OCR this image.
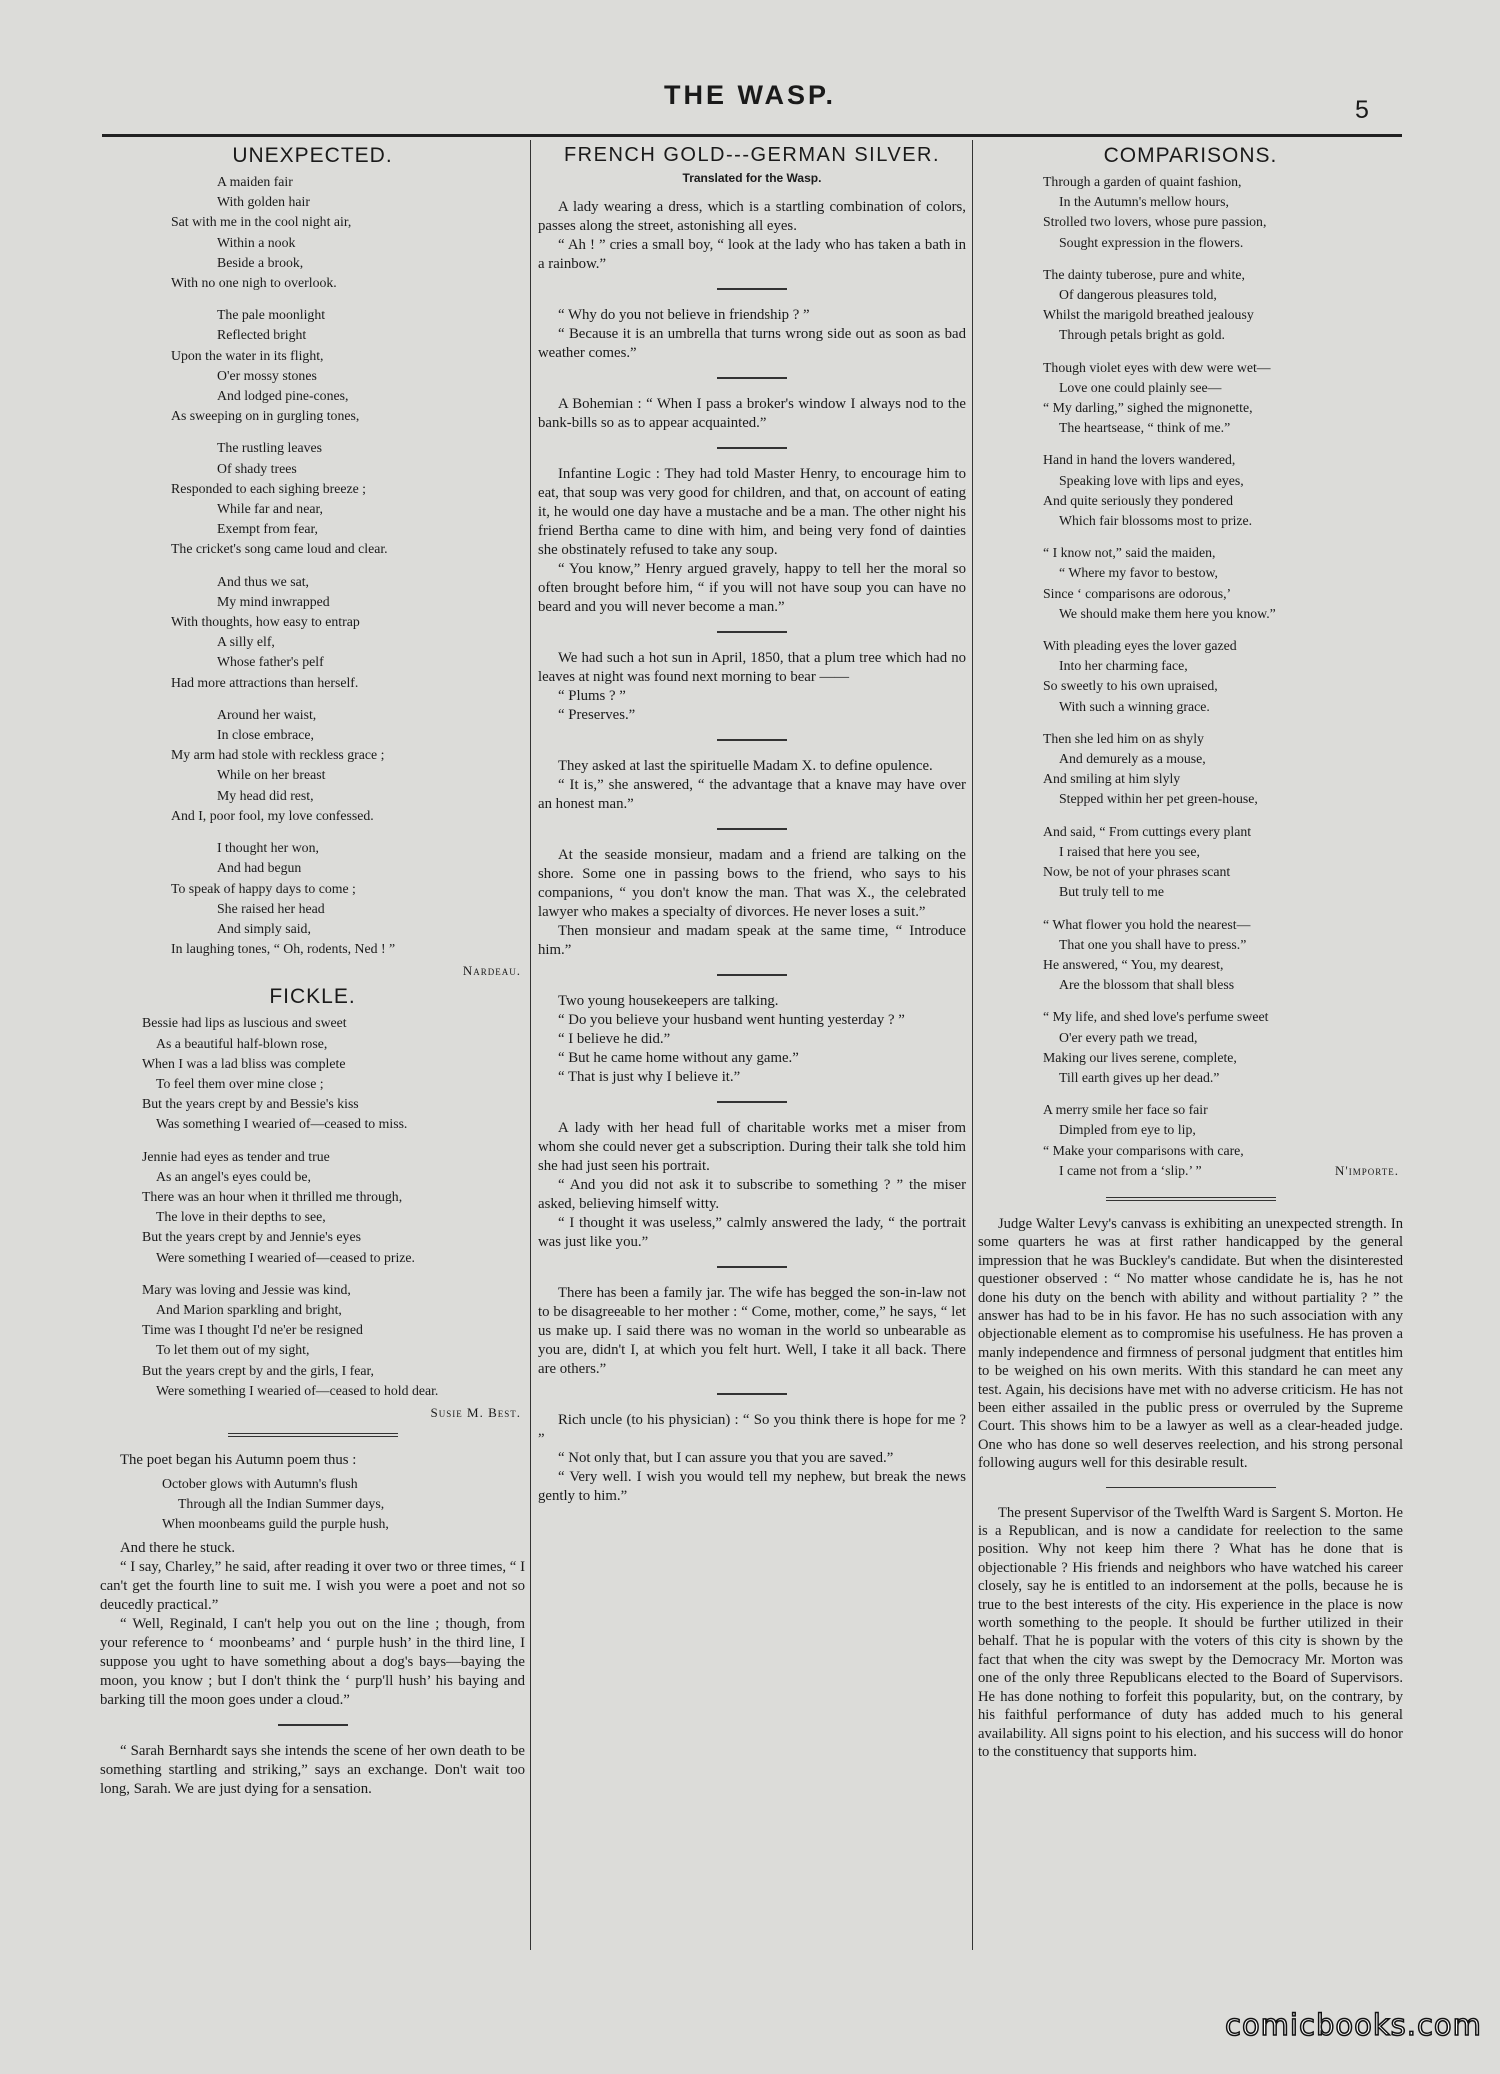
THE WASP.	5
UNEXPECTED.
A maiden fair
With golden hair
Sat with me in the cool night air,
Within a nook
Beside a brook,
With no one nigh to overlook.
The pale moonlight
Reflected bright
Upon the water in its flight,
O'er mossy stones
And lodged pine-cones,
As sweeping on in gurgling tones,
The rustling leaves
Of shady trees
Responded to each sighing breeze ;
While far and near,
Exempt from fear,
The cricket's song came loud and clear.
And thus we sat,
My mind inwrapped
With thoughts, how easy to entrap
A silly elf,
Whose father's pelf
Had more attractions than herself.
Around her waist,
In close embrace,
My arm had stole with reckless grace ;
While on her breast
My head did rest,
And I, poor fool, my love confessed.
I thought her won,
And had begun
To speak of happy days to come ;
She raised her head
And simply said,
In laughing tones, “ Oh, rodents, Ned ! ”
Nardeau.
FICKLE.
Bessie had lips as luscious and sweet
As a beautiful half-blown rose,
When I was a lad bliss was complete
To feel them over mine close ;
But the years crept by and Bessie's kiss
Was something I wearied of—ceased to miss.
Jennie had eyes as tender and true
As an angel's eyes could be,
There was an hour when it thrilled me through,
The love in their depths to see,
But the years crept by and Jennie's eyes
Were something I wearied of—ceased to prize.
Mary was loving and Jessie was kind,
And Marion sparkling and bright,
Time was I thought I'd ne'er be resigned
To let them out of my sight,
But the years crept by and the girls, I fear,
Were something I wearied of—ceased to hold dear.
Susie M. Best.

The poet began his Autumn poem thus :

October glows with Autumn's flush
Through all the Indian Summer days,
When moonbeams guild the purple hush,

And there he stuck.

“ I say, Charley,” he said, after reading it over two or three times, “ I can't get the fourth line to suit me. I wish you were a poet and not so deucedly practical.”

“ Well, Reginald, I can't help you out on the line ; though, from your reference to ‘ moonbeams’ and ‘ purple hush’ in the third line, I suppose you ught to have something about a dog's bays—baying the moon, you know ; but I don't think the ‘ purp'll hush’ his baying and barking till the moon goes under a cloud.”

“ Sarah Bernhardt says she intends the scene of her own death to be something startling and striking,” says an exchange. Don't wait too long, Sarah. We are just dying for a sensation.

FRENCH GOLD---GERMAN SILVER.
Translated for the Wasp.

A lady wearing a dress, which is a startling combination of colors, passes along the street, astonishing all eyes.

“ Ah ! ” cries a small boy, “ look at the lady who has taken a bath in a rainbow.”

“ Why do you not believe in friendship ? ”

“ Because it is an umbrella that turns wrong side out as soon as bad weather comes.”

A Bohemian : “ When I pass a broker's window I always nod to the bank-bills so as to appear acquainted.”

Infantine Logic : They had told Master Henry, to encourage him to eat, that soup was very good for children, and that, on account of eating it, he would one day have a mustache and be a man. The other night his friend Bertha came to dine with him, and being very fond of dainties she obstinately refused to take any soup.

“ You know,” Henry argued gravely, happy to tell her the moral so often brought before him, “ if you will not have soup you can have no beard and you will never become a man.”

We had such a hot sun in April, 1850, that a plum tree which had no leaves at night was found next morning to bear ——

“ Plums ? ”

“ Preserves.”

They asked at last the spirituelle Madam X. to define opulence.

“ It is,” she answered, “ the advantage that a knave may have over an honest man.”

At the seaside monsieur, madam and a friend are talking on the shore. Some one in passing bows to the friend, who says to his companions, “ you don't know the man. That was X., the celebrated lawyer who makes a specialty of divorces. He never loses a suit.”

Then monsieur and madam speak at the same time, “ Introduce him.”

Two young housekeepers are talking.

“ Do you believe your husband went hunting yesterday ? ”

“ I believe he did.”

“ But he came home without any game.”

“ That is just why I believe it.”

A lady with her head full of charitable works met a miser from whom she could never get a subscription. During their talk she told him she had just seen his portrait.

“ And you did not ask it to subscribe to something ? ” the miser asked, believing himself witty.

“ I thought it was useless,” calmly answered the lady, “ the portrait was just like you.”

There has been a family jar. The wife has begged the son-in-law not to be disagreeable to her mother : “ Come, mother, come,” he says, “ let us make up. I said there was no woman in the world so unbearable as you are, didn't I, at which you felt hurt. Well, I take it all back. There are others.”

Rich uncle (to his physician) : “ So you think there is hope for me ? ”

“ Not only that, but I can assure you that you are saved.”

“ Very well. I wish you would tell my nephew, but break the news gently to him.”

COMPARISONS.
Through a garden of quaint fashion,
In the Autumn's mellow hours,
Strolled two lovers, whose pure passion,
Sought expression in the flowers.
The dainty tuberose, pure and white,
Of dangerous pleasures told,
Whilst the marigold breathed jealousy
Through petals bright as gold.
Though violet eyes with dew were wet—
Love one could plainly see—
“ My darling,” sighed the mignonette,
The heartsease, “ think of me.”
Hand in hand the lovers wandered,
Speaking love with lips and eyes,
And quite seriously they pondered
Which fair blossoms most to prize.
“ I know not,” said the maiden,
“ Where my favor to bestow,
Since ‘ comparisons are odorous,’
We should make them here you know.”
With pleading eyes the lover gazed
Into her charming face,
So sweetly to his own upraised,
With such a winning grace.
Then she led him on as shyly
And demurely as a mouse,
And smiling at him slyly
Stepped within her pet green-house,
And said, “ From cuttings every plant
I raised that here you see,
Now, be not of your phrases scant
But truly tell to me
“ What flower you hold the nearest—
That one you shall have to press.”
He answered, “ You, my dearest,
Are the blossom that shall bless
“ My life, and shed love's perfume sweet
O'er every path we tread,
Making our lives serene, complete,
Till earth gives up her dead.”
A merry smile her face so fair
Dimpled from eye to lip,
“ Make your comparisons with care,
I came not from a ‘slip.’ ”	N'importe.

Judge Walter Levy's canvass is exhibiting an unexpected strength. In some quarters he was at first rather handicapped by the general impression that he was Buckley's candidate. But when the disinterested questioner observed : “ No matter whose candidate he is, has he not done his duty on the bench with ability and without partiality ? ” the answer has had to be in his favor. He has no such association with any objectionable element as to compromise his usefulness. He has proven a manly independence and firmness of personal judgment that entitles him to be weighed on his own merits. With this standard he can meet any test. Again, his decisions have met with no adverse criticism. He has not been either assailed in the public press or overruled by the Supreme Court. This shows him to be a lawyer as well as a clear-headed judge. One who has done so well deserves reelection, and his strong personal following augurs well for this desirable result.

The present Supervisor of the Twelfth Ward is Sargent S. Morton. He is a Republican, and is now a candidate for reelection to the same position. Why not keep him there ? What has he done that is objectionable ? His friends and neighbors who have watched his career closely, say he is entitled to an indorsement at the polls, because he is true to the best interests of the city. His experience in the place is now worth something to the people. It should be further utilized in their behalf. That he is popular with the voters of this city is shown by the fact that when the city was swept by the Democracy Mr. Morton was one of the only three Republicans elected to the Board of Supervisors. He has done nothing to forfeit this popularity, but, on the contrary, by his faithful performance of duty has added much to his general availability. All signs point to his election, and his success will do honor to the constituency that supports him.

comicbooks.com
